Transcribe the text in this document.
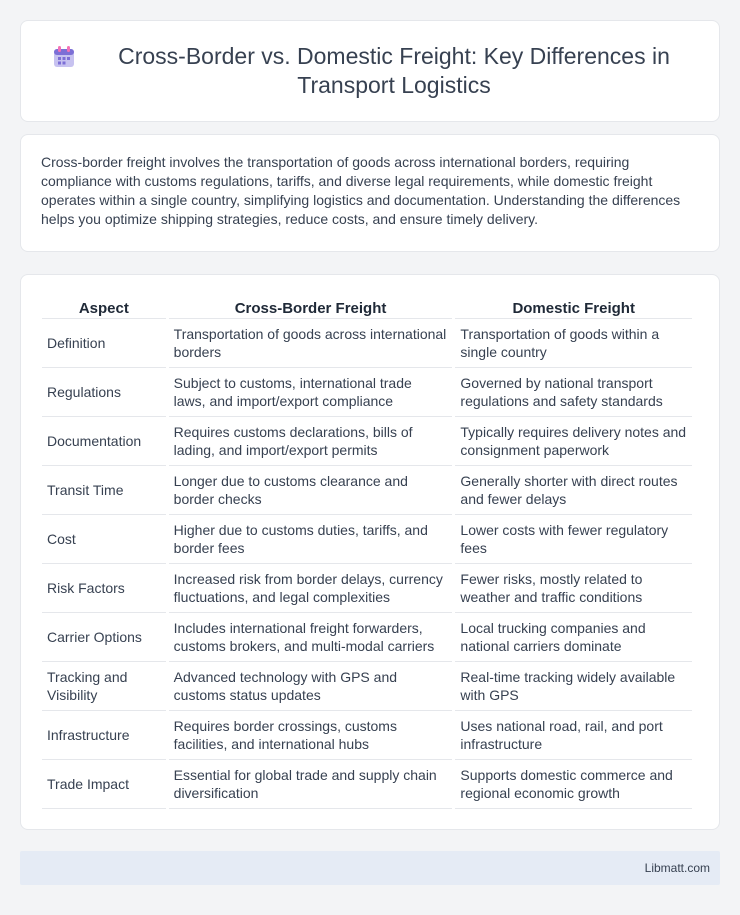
Cross-Border vs. Domestic Freight: Key Differences in Transport Logistics

Cross-border freight involves the transportation of goods across international borders, requiring compliance with customs regulations, tariffs, and diverse legal requirements, while domestic freight operates within a single country, simplifying logistics and documentation. Understanding the differences helps you optimize shipping strategies, reduce costs, and ensure timely delivery.

Aspect	Cross-Border Freight	Domestic Freight
Definition	Transportation of goods across international borders	Transportation of goods within a single country
Regulations	Subject to customs, international trade laws, and import/export compliance	Governed by national transport regulations and safety standards
Documentation	Requires customs declarations, bills of lading, and import/export permits	Typically requires delivery notes and consignment paperwork
Transit Time	Longer due to customs clearance and border checks	Generally shorter with direct routes and fewer delays
Cost	Higher due to customs duties, tariffs, and border fees	Lower costs with fewer regulatory fees
Risk Factors	Increased risk from border delays, currency fluctuations, and legal complexities	Fewer risks, mostly related to weather and traffic conditions
Carrier Options	Includes international freight forwarders, customs brokers, and multi-modal carriers	Local trucking companies and national carriers dominate
Tracking and Visibility	Advanced technology with GPS and customs status updates	Real-time tracking widely available with GPS
Infrastructure	Requires border crossings, customs facilities, and international hubs	Uses national road, rail, and port infrastructure
Trade Impact	Essential for global trade and supply chain diversification	Supports domestic commerce and regional economic growth
Libmatt.com
